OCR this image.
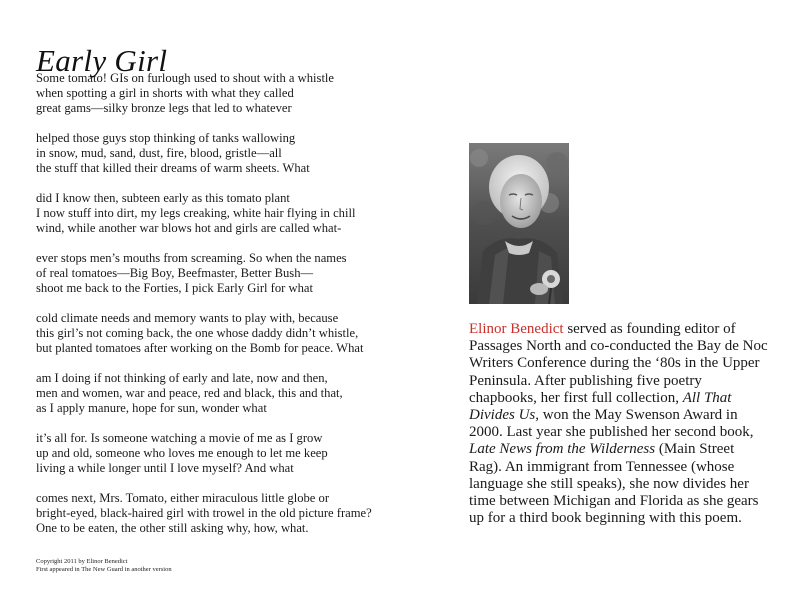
Early Girl
Some tomato! GIs on furlough used to shout with a whistle
when spotting a girl in shorts with what they called
great gams—silky bronze legs that led to whatever
helped those guys stop thinking of tanks wallowing
in snow, mud, sand, dust, fire, blood, gristle—all
the stuff that killed their dreams of warm sheets. What
did I know then, subteen early as this tomato plant
I now stuff into dirt, my legs creaking, white hair flying in chill
wind, while another war blows hot and girls are called what-
ever stops men’s mouths from screaming. So when the names
of real tomatoes—Big Boy, Beefmaster, Better Bush—
shoot me back to the Forties, I pick Early Girl for what
cold climate needs and memory wants to play with, because
this girl’s not coming back, the one whose daddy didn’t whistle,
but planted tomatoes after working on the Bomb for peace. What
am I doing if not thinking of early and late, now and then,
men and women, war and peace, red and black, this and that,
as I apply manure, hope for sun, wonder what
it’s all for. Is someone watching a movie of me as I grow
up and old, someone who loves me enough to let me keep
living a while longer until I love myself? And what
comes next, Mrs. Tomato, either miraculous little globe or
bright-eyed, black-haired girl with trowel in the old picture frame?
One to be eaten, the other still asking why, how, what.
Copyright 2011 by Elinor Benedict
First appeared in The New Guard in another version
Elinor Benedict served as founding editor of Passages North and co-conducted the Bay de Noc Writers Conference during the ‘80s in the Upper Peninsula. After publishing five poetry chapbooks, her first full collection, All That Divides Us, won the May Swenson Award in 2000. Last year she published her second book, Late News from the Wilderness (Main Street Rag). An immigrant from Tennessee (whose language she still speaks), she now divides her time between Michigan and Florida as she gears up for a third book beginning with this poem.
